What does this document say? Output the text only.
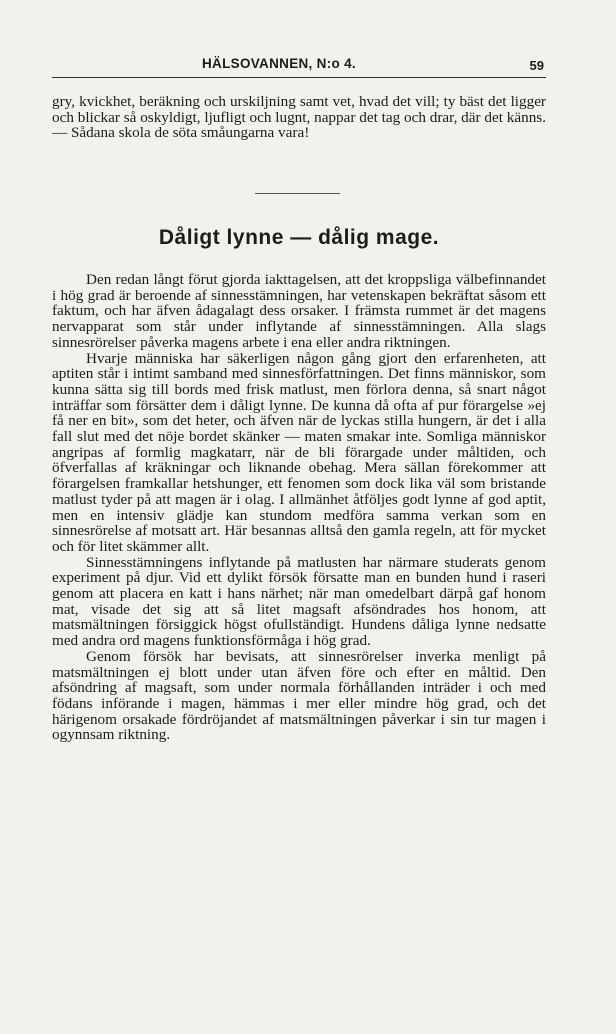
HÄLSOVANNEN, N:o 4.	59

gry, kvickhet, beräkning och urskiljning samt vet, hvad det vill; ty bäst det ligger och blickar så oskyldigt, ljufligt och lugnt, nappar det tag och drar, där det känns. — Sådana skola de söta småungarna vara!

Dåligt lynne — dålig mage.

Den redan långt förut gjorda iakttagelsen, att det kroppsliga välbefinnandet i hög grad är beroende af sinnesstämningen, har vetenskapen bekräftat såsom ett faktum, och har äfven ådagalagt dess orsaker. I främsta rummet är det magens nervapparat som står under inflytande af sinnesstämningen. Alla slags sinnesrörelser påverka magens arbete i ena eller andra riktningen.

Hvarje människa har säkerligen någon gång gjort den erfarenheten, att aptiten står i intimt samband med sinnesförfattningen. Det finns människor, som kunna sätta sig till bords med frisk matlust, men förlora denna, så snart något inträffar som försätter dem i dåligt lynne. De kunna då ofta af pur förargelse »ej få ner en bit», som det heter, och äfven när de lyckas stilla hungern, är det i alla fall slut med det nöje bordet skänker — maten smakar inte. Somliga människor angripas af formlig magkatarr, när de bli förargade under måltiden, och öfverfallas af kräkningar och liknande obehag. Mera sällan förekommer att förargelsen framkallar hetshunger, ett fenomen som dock lika väl som bristande matlust tyder på att magen är i olag. I allmänhet åtföljes godt lynne af god aptit, men en intensiv glädje kan stundom medföra samma verkan som en sinnesrörelse af motsatt art. Här besannas alltså den gamla regeln, att för mycket och för litet skämmer allt.

Sinnesstämningens inflytande på matlusten har närmare studerats genom experiment på djur. Vid ett dylikt försök försatte man en bunden hund i raseri genom att placera en katt i hans närhet; när man omedelbart därpå gaf honom mat, visade det sig att så litet magsaft afsöndrades hos honom, att matsmältningen försiggick högst ofullständigt. Hundens dåliga lynne nedsatte med andra ord magens funktionsförmåga i hög grad.

Genom försök har bevisats, att sinnesrörelser inverka menligt på matsmältningen ej blott under utan äfven före och efter en måltid. Den afsöndring af magsaft, som under normala förhållanden inträder i och med födans införande i magen, hämmas i mer eller mindre hög grad, och det härigenom orsakade fördröjandet af matsmältningen påverkar i sin tur magen i ogynnsam riktning.
